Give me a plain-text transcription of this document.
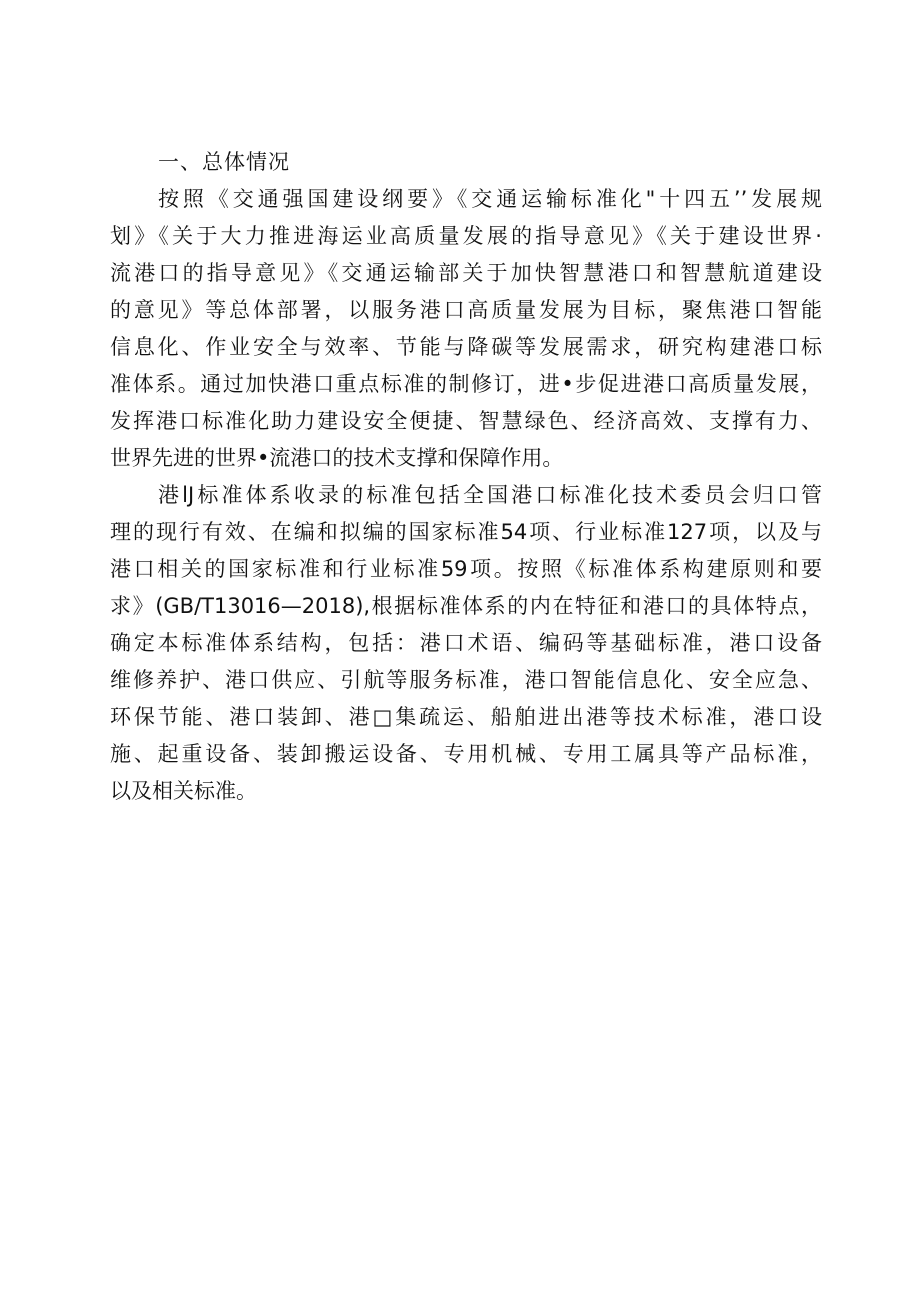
一、总体情况

按照《交通强国建设纲要》《交通运输标准化"十四五’’发展规
划》《关于大力推进海运业高质量发展的指导意见》《关于建设世界·
流港口的指导意见》《交通运输部关于加快智慧港口和智慧航道建设
的意见》等总体部署，以服务港口高质量发展为目标，聚焦港口智能
信息化、作业安全与效率、节能与降碳等发展需求，研究构建港口标
准体系。通过加快港口重点标准的制修订，进•步促进港口高质量发展，
发挥港口标准化助力建设安全便捷、智慧绿色、经济高效、支撑有力、
世界先进的世界•流港口的技术支撑和保障作用。

港lJ标准体系收录的标准包括全国港口标准化技术委员会归口管
理的现行有效、在编和拟编的国家标准54项、行业标准127项，以及与
港口相关的国家标准和行业标准59项。按照《标准体系构建原则和要
求》(GB/T13016—2018),根据标准体系的内在特征和港口的具体特点，
确定本标准体系结构，包括：港口术语、编码等基础标准，港口设备
维修养护、港口供应、引航等服务标准，港口智能信息化、安全应急、
环保节能、港口装卸、港□集疏运、船舶进出港等技术标准，港口设
施、起重设备、装卸搬运设备、专用机械、专用工属具等产品标准，
以及相关标准。
